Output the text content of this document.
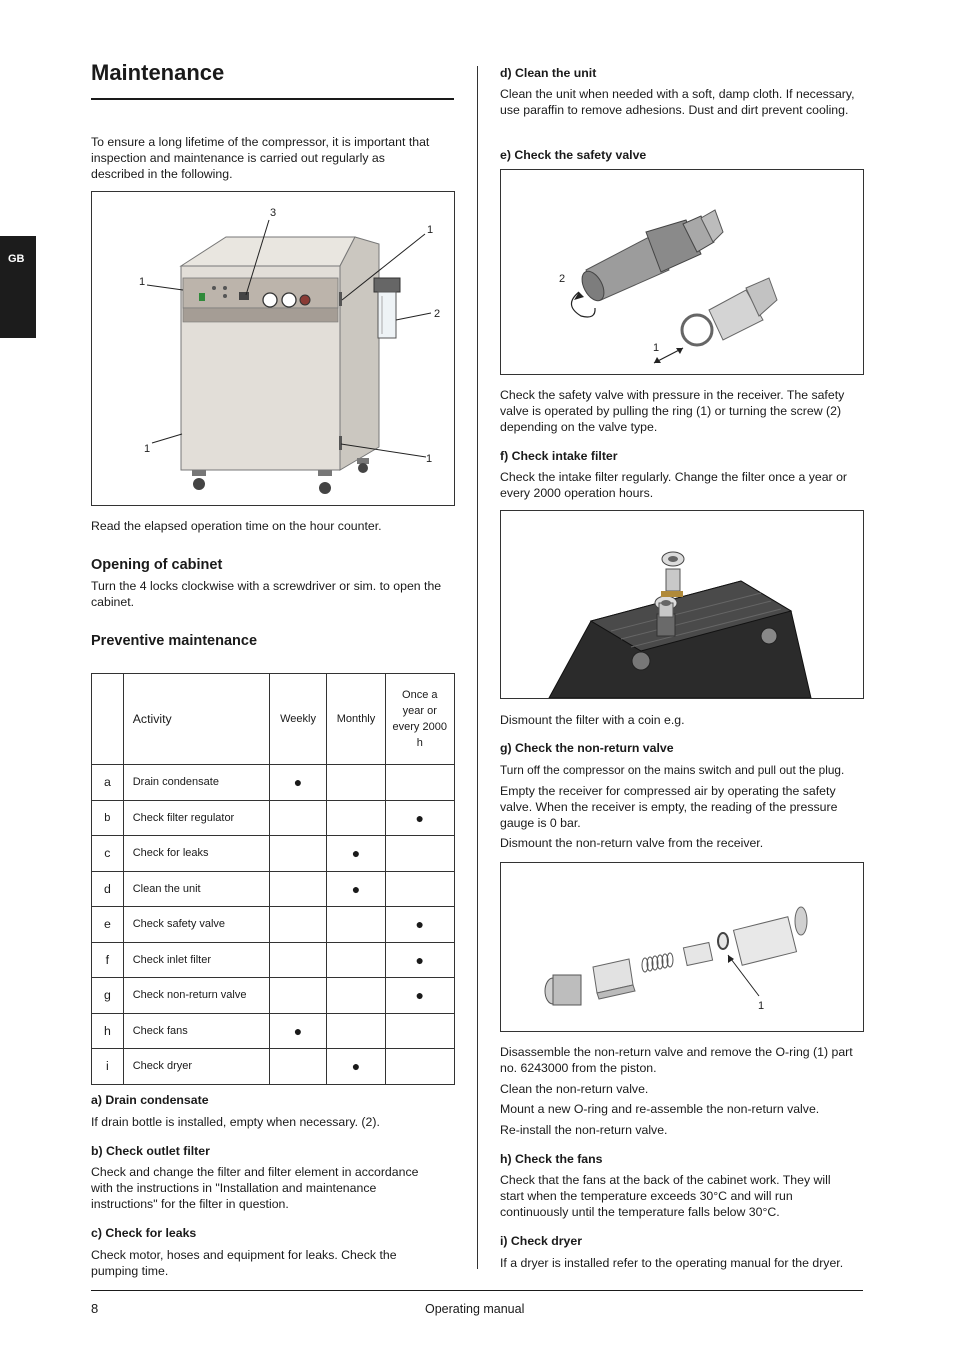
GB
Maintenance

To ensure a long lifetime of the compressor, it is important that inspection and maintenance is carried out regularly as described in the following.

3
1
2
1
1
1

Read the elapsed operation time on the hour counter.

Opening of cabinet

Turn the 4 locks clockwise with a screwdriver or sim. to open the cabinet.

Preventive maintenance

	Activity	Weekly	Monthly	Once a year or every 2000 h
a	Drain condensate	●		
b	Check filter regulator			●
c	Check for leaks		●	
d	Clean the unit		●	
e	Check safety valve			●
f	Check inlet filter			●
g	Check non-return valve			●
h	Check fans	●		
i	Check dryer		●	

a) Drain condensate

If drain bottle is installed, empty when necessary. (2).

b) Check outlet filter

Check and change the filter and filter element in accordance with the instructions in "Installation and maintenance instructions" for the filter in question.

c) Check for leaks

Check motor, hoses and equipment for leaks. Check the pumping time.

d) Clean the unit

Clean the unit when needed with a soft, damp cloth. If necessary, use paraffin to remove adhesions. Dust and dirt prevent cooling.

e) Check the safety valve

2
1

Check the safety valve with pressure in the receiver. The safety valve is operated by pulling the ring (1) or turning the screw (2) depending on the valve type.

f) Check intake filter

Check the intake filter regularly. Change the filter once a year or every 2000 operation hours.

Dismount the filter with a coin e.g.

g) Check the non-return valve

Turn off the compressor on the mains switch and pull out the plug.

Empty the receiver for compressed air by operating the safety valve. When the receiver is empty, the reading of the pressure gauge is 0 bar.

Dismount the non-return valve from the receiver.

1

Disassemble the non-return valve and remove the O-ring (1) part no. 6243000 from the piston.

Clean the non-return valve.

Mount a new O-ring and re-assemble the non-return valve.

Re-install the non-return valve.

h) Check the fans

Check that the fans at the back of the cabinet work. They will start when the temperature exceeds 30°C and will run continuously until the temperature falls below 30°C.

i) Check dryer

If a dryer is installed refer to the operating manual for the dryer.

8	Operating manual
